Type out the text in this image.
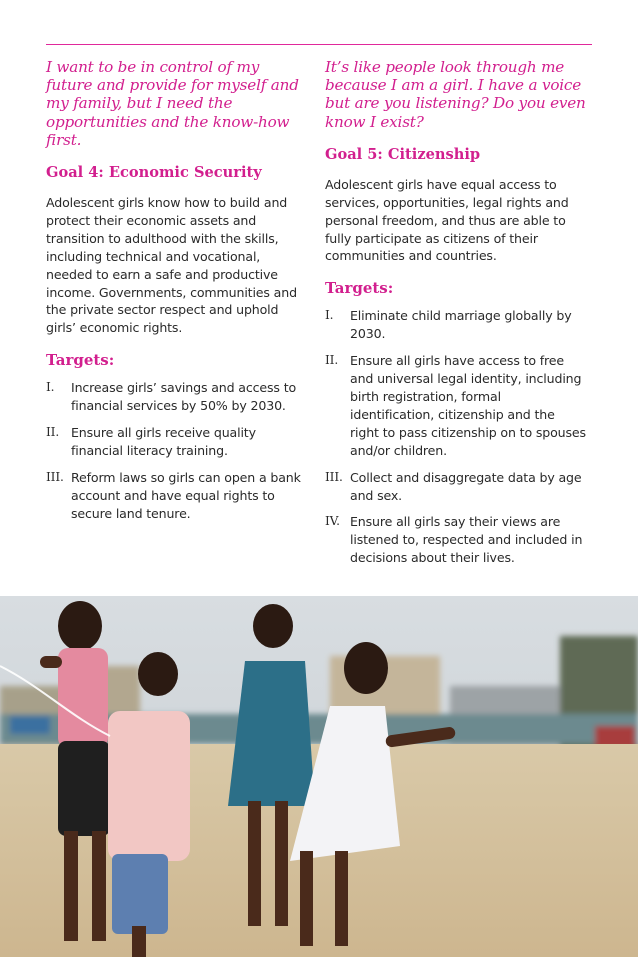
I want to be in control of my future and provide for myself and my family, but I need the opportunities and the know-how first.

Goal 4: Economic Security

Adolescent girls know how to build and protect their economic assets and transition to adulthood with the skills, including technical and vocational, needed to earn a safe and productive income. Governments, communities and the private sector respect and uphold girls’ economic rights.

Targets:
I. Increase girls’ savings and access to financial services by 50% by 2030.
II. Ensure all girls receive quality financial literacy training.
III. Reform laws so girls can open a bank account and have equal rights to secure land tenure.

It’s like people look through me because I am a girl. I have a voice but are you listening? Do you even know I exist?

Goal 5: Citizenship

Adolescent girls have equal access to services, opportunities, legal rights and personal freedom, and thus are able to fully participate as citizens of their communities and countries.

Targets:
I. Eliminate child marriage globally by 2030.
II. Ensure all girls have access to free and universal legal identity, including birth registration, formal identification, citizenship and the right to pass citizenship on to spouses and/or children.
III. Collect and disaggregate data by age and sex.
IV. Ensure all girls say their views are listened to, respected and included in decisions about their lives.
